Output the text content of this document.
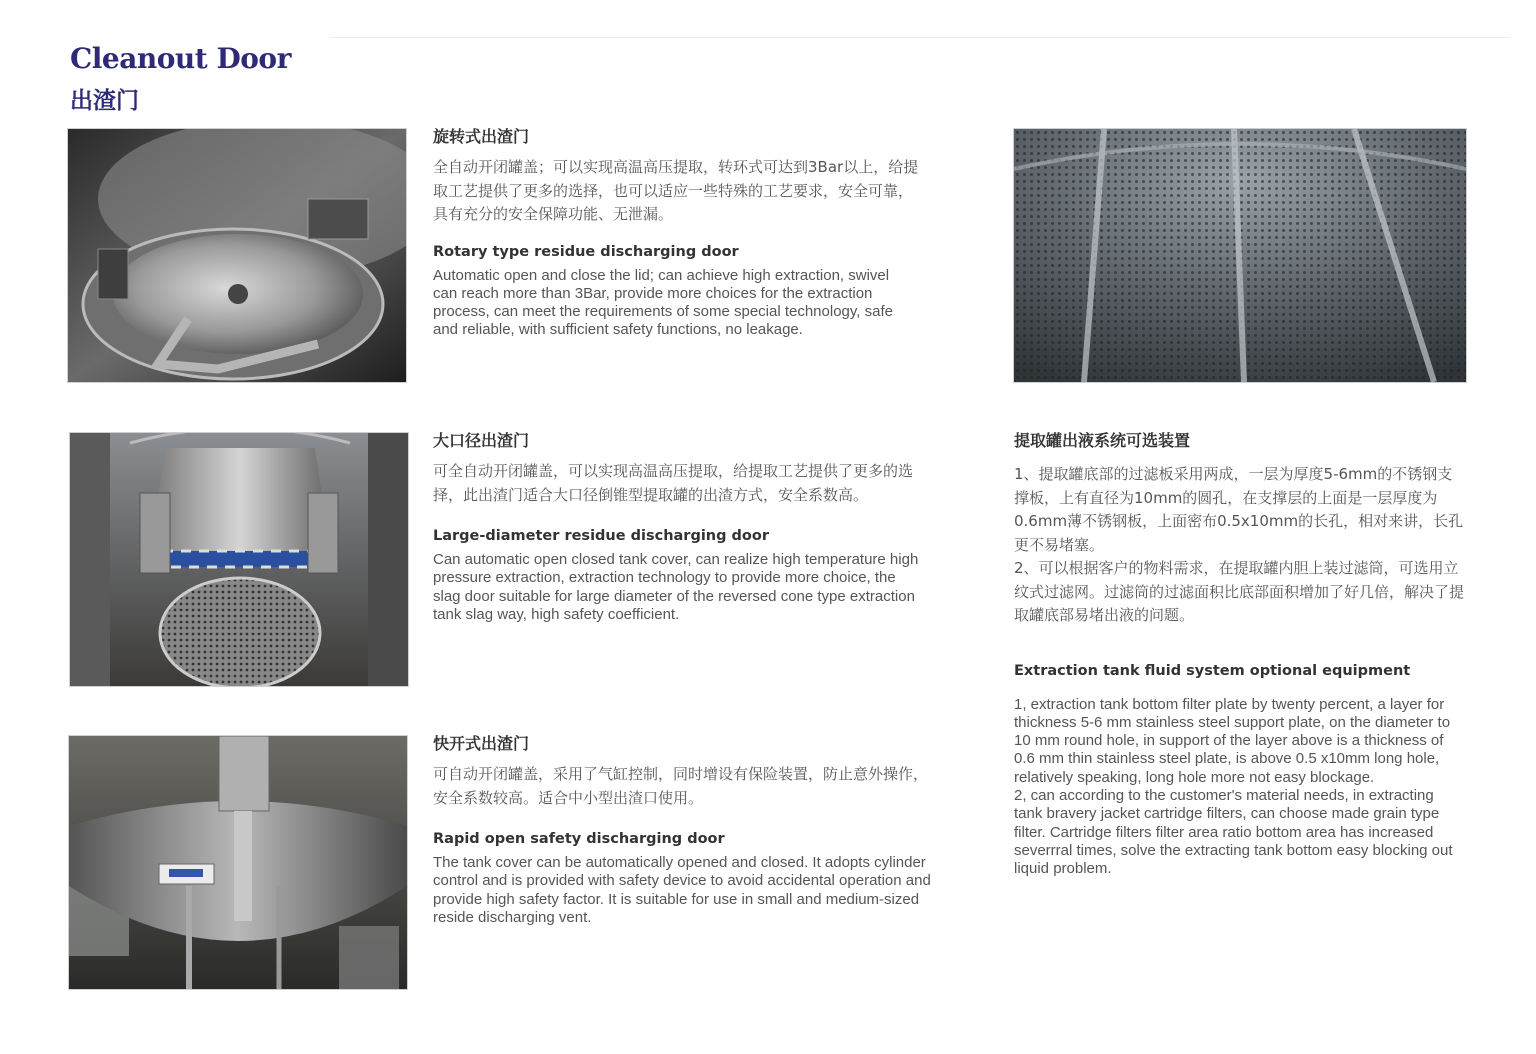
Cleanout Door
出渣门

旋转式出渣门

全自动开闭罐盖；可以实现高温高压提取，转环式可达到3Bar以上，给提取工艺提供了更多的选择，也可以适应一些特殊的工艺要求，安全可靠，具有充分的安全保障功能、无泄漏。

Rotary type residue discharging door

Automatic open and close the lid; can achieve high extraction, swivel can reach more than 3Bar, provide more choices for the extraction process, can meet the requirements of some special technology, safe and reliable, with sufficient safety functions, no leakage.

大口径出渣门

可全自动开闭罐盖，可以实现高温高压提取，给提取工艺提供了更多的选择，此出渣门适合大口径倒锥型提取罐的出渣方式，安全系数高。

Large-diameter residue discharging door

Can automatic open closed tank cover, can realize high temperature high pressure extraction, extraction technology to provide more choice, the slag door suitable for large diameter of the reversed cone type extraction tank slag way, high safety coefficient.

快开式出渣门

可自动开闭罐盖，采用了气缸控制，同时增设有保险装置，防止意外操作，安全系数较高。适合中小型出渣口使用。

Rapid open safety discharging door

The tank cover can be automatically opened and closed. It adopts cylinder control and is provided with safety device to avoid accidental operation and provide high safety factor. It is suitable for use in small and medium-sized reside discharging vent.

提取罐出液系统可选装置

1、提取罐底部的过滤板采用两成，一层为厚度5-6mm的不锈钢支撑板，上有直径为10mm的圆孔，在支撑层的上面是一层厚度为0.6mm薄不锈钢板，上面密布0.5x10mm的长孔，相对来讲，长孔更不易堵塞。

2、可以根据客户的物料需求，在提取罐内胆上装过滤筒，可选用立纹式过滤网。过滤筒的过滤面积比底部面积增加了好几倍，解决了提取罐底部易堵出液的问题。

Extraction tank fluid system optional equipment

1, extraction tank bottom filter plate by twenty percent, a layer for thickness 5-6 mm stainless steel support plate, on the diameter to 10 mm round hole, in support of the layer above is a thickness of 0.6 mm thin stainless steel plate, is above 0.5 x10mm long hole, relatively speaking, long hole more not easy blockage.

2, can according to the customer's material needs, in extracting tank bravery jacket cartridge filters, can choose made grain type filter. Cartridge filters filter area ratio bottom area has increased severrral times, solve the extracting tank bottom easy blocking out liquid problem.
